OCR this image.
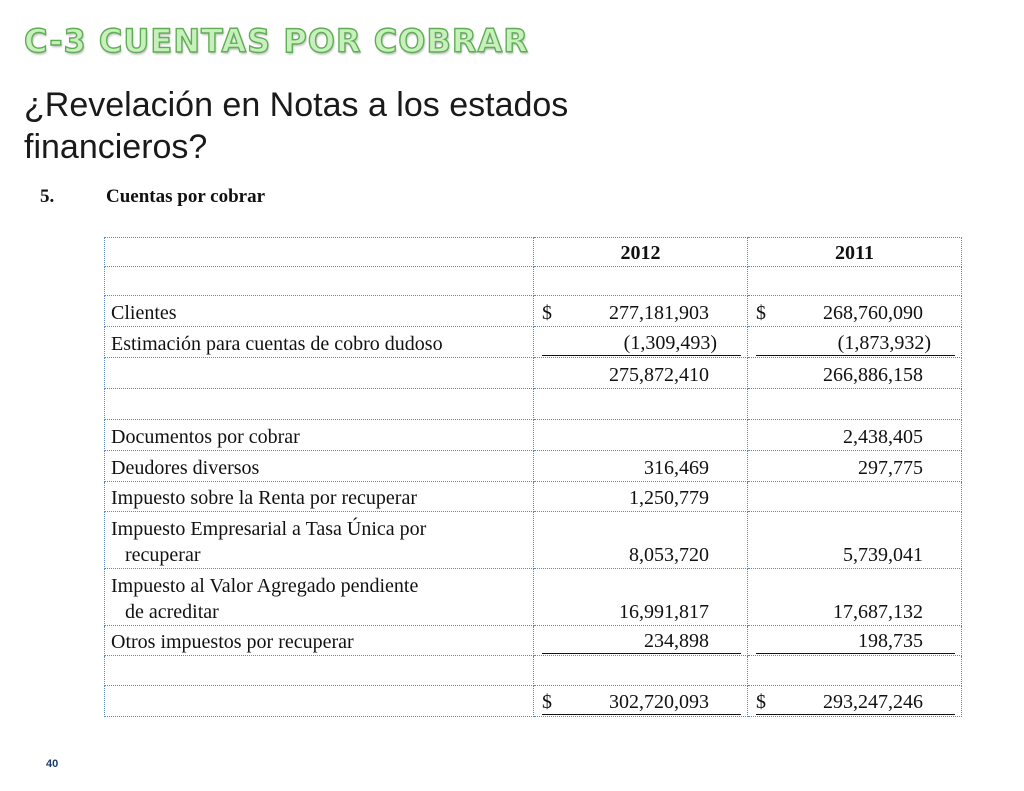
C-3 CUENTAS POR COBRAR

¿Revelación en Notas a los estados financieros?

5.	Cuentas por cobrar
	2012	2011

Clientes	$ 277,181,903	$ 268,760,090

Estimación para cuentas de cobro dudoso	(1,309,493)	(1,873,932)

	275,872,410	266,886,158

Documentos por cobrar		2,438,405

Deudores diversos	316,469	297,775

Impuesto sobre la Renta por recuperar	1,250,779	

Impuesto Empresarial a Tasa Única por
recuperar	8,053,720	5,739,041

Impuesto al Valor Agregado pendiente
de acreditar	16,991,817	17,687,132

Otros impuestos por recuperar	234,898	198,735

	$ 302,720,093	$ 293,247,246
40
